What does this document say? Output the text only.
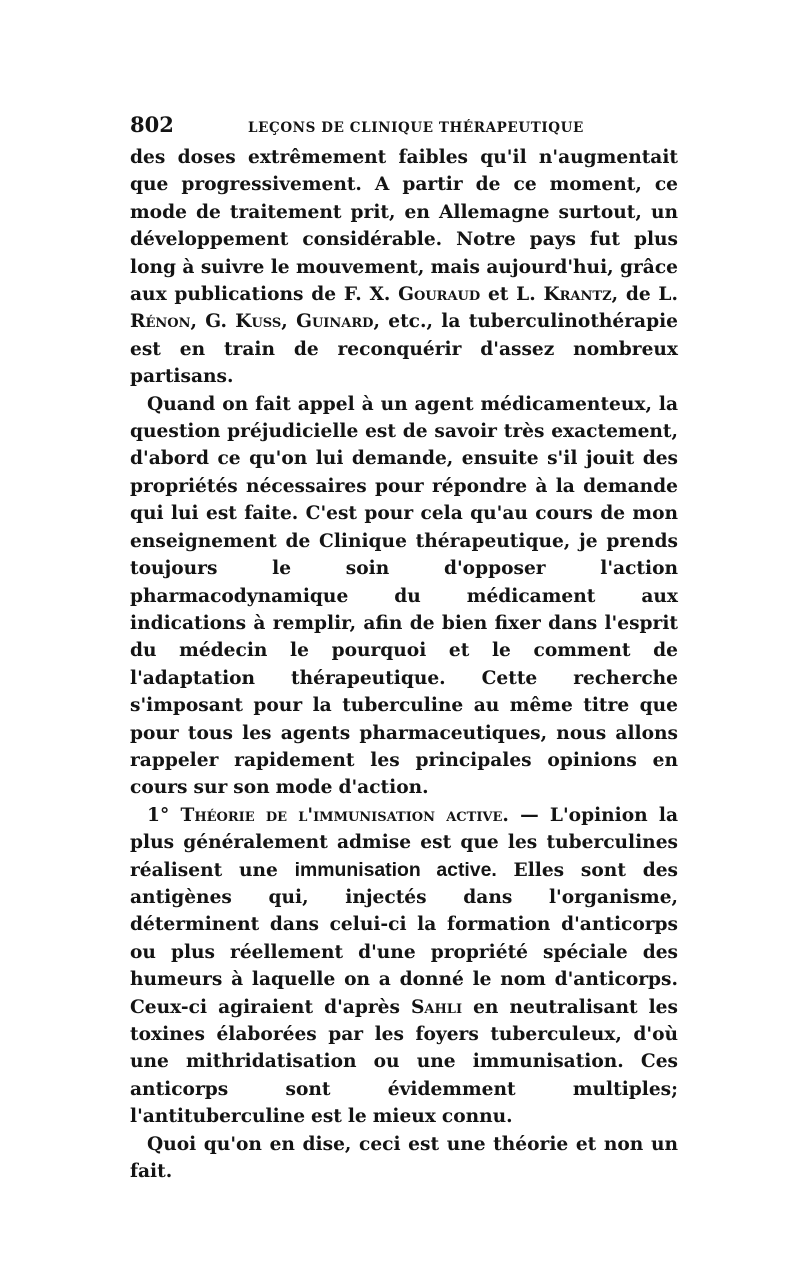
802	LEÇONS DE CLINIQUE THÉRAPEUTIQUE

des doses extrêmement faibles qu'il n'augmentait que progressivement. A partir de ce moment, ce mode de traitement prit, en Allemagne surtout, un développement considérable. Notre pays fut plus long à suivre le mouvement, mais aujourd'hui, grâce aux publications de F. X. Gouraud et L. Krantz, de L. Rénon, G. Kuss, Guinard, etc., la tuberculinothérapie est en train de reconquérir d'assez nombreux partisans.

Quand on fait appel à un agent médicamenteux, la question préjudicielle est de savoir très exactement, d'abord ce qu'on lui demande, ensuite s'il jouit des propriétés nécessaires pour répondre à la demande qui lui est faite. C'est pour cela qu'au cours de mon enseignement de Clinique thérapeutique, je prends toujours le soin d'opposer l'action pharmacodynamique du médicament aux indications à remplir, afin de bien fixer dans l'esprit du médecin le pourquoi et le comment de l'adaptation thérapeutique. Cette recherche s'imposant pour la tuberculine au même titre que pour tous les agents pharmaceutiques, nous allons rappeler rapidement les principales opinions en cours sur son mode d'action.

1° Théorie de l'immunisation active. — L'opinion la plus généralement admise est que les tuberculines réalisent une immunisation active. Elles sont des antigènes qui, injectés dans l'organisme, déterminent dans celui-ci la formation d'anticorps ou plus réellement d'une propriété spéciale des humeurs à laquelle on a donné le nom d'anticorps. Ceux-ci agiraient d'après Sahli en neutralisant les toxines élaborées par les foyers tuberculeux, d'où une mithridatisation ou une immunisation. Ces anticorps sont évidemment multiples; l'antituberculine est le mieux connu.

Quoi qu'on en dise, ceci est une théorie et non un fait.
